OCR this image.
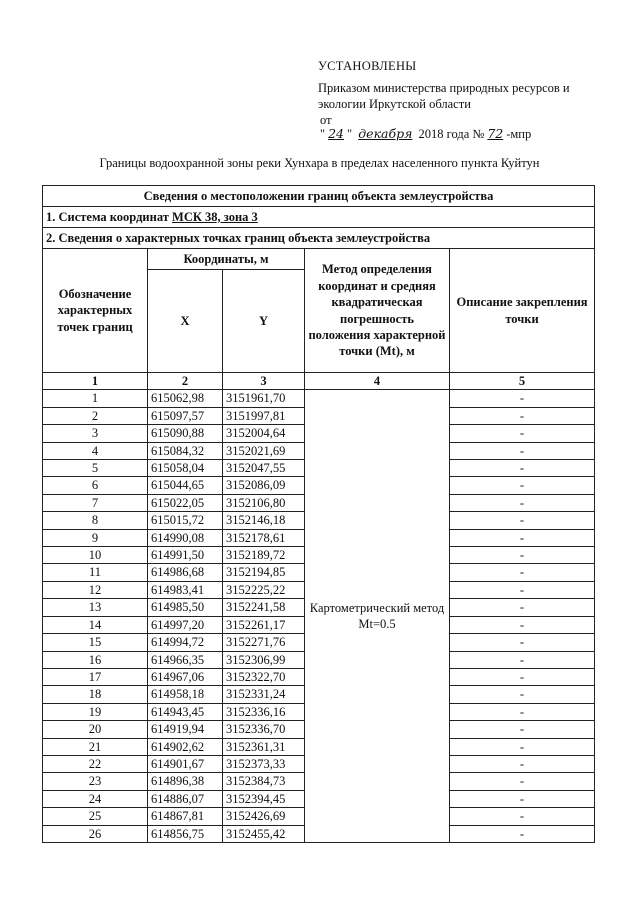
УСТАНОВЛЕНЫ
Приказом министерства природных ресурсов и
экологии Иркутской области
от
" 24 " декабря 2018 года № 72 -мпр
Границы водоохранной зоны реки Хунхара в пределах населенного пункта Куйтун
Сведения о местоположении границ объекта землеустройства				
1. Система координат МСК 38, зона 3				
2. Сведения о характерных точках границ объекта землеустройства				
Обозначение характерных точек границ	Координаты, м		Метод определения координат и средняя квадратическая погрешность положения характерной точки (Mt), м	Описание закрепления точки
	X	Y		
1	2	3	4	5
1	615062,98	3151961,70	Картометрический метод Mt=0.5	-
2	615097,57	3151997,81		-
3	615090,88	3152004,64		-
4	615084,32	3152021,69		-
5	615058,04	3152047,55		-
6	615044,65	3152086,09		-
7	615022,05	3152106,80		-
8	615015,72	3152146,18		-
9	614990,08	3152178,61		-
10	614991,50	3152189,72		-
11	614986,68	3152194,85		-
12	614983,41	3152225,22		-
13	614985,50	3152241,58		-
14	614997,20	3152261,17		-
15	614994,72	3152271,76		-
16	614966,35	3152306,99		-
17	614967,06	3152322,70		-
18	614958,18	3152331,24		-
19	614943,45	3152336,16		-
20	614919,94	3152336,70		-
21	614902,62	3152361,31		-
22	614901,67	3152373,33		-
23	614896,38	3152384,73		-
24	614886,07	3152394,45		-
25	614867,81	3152426,69		-
26	614856,75	3152455,42		-
